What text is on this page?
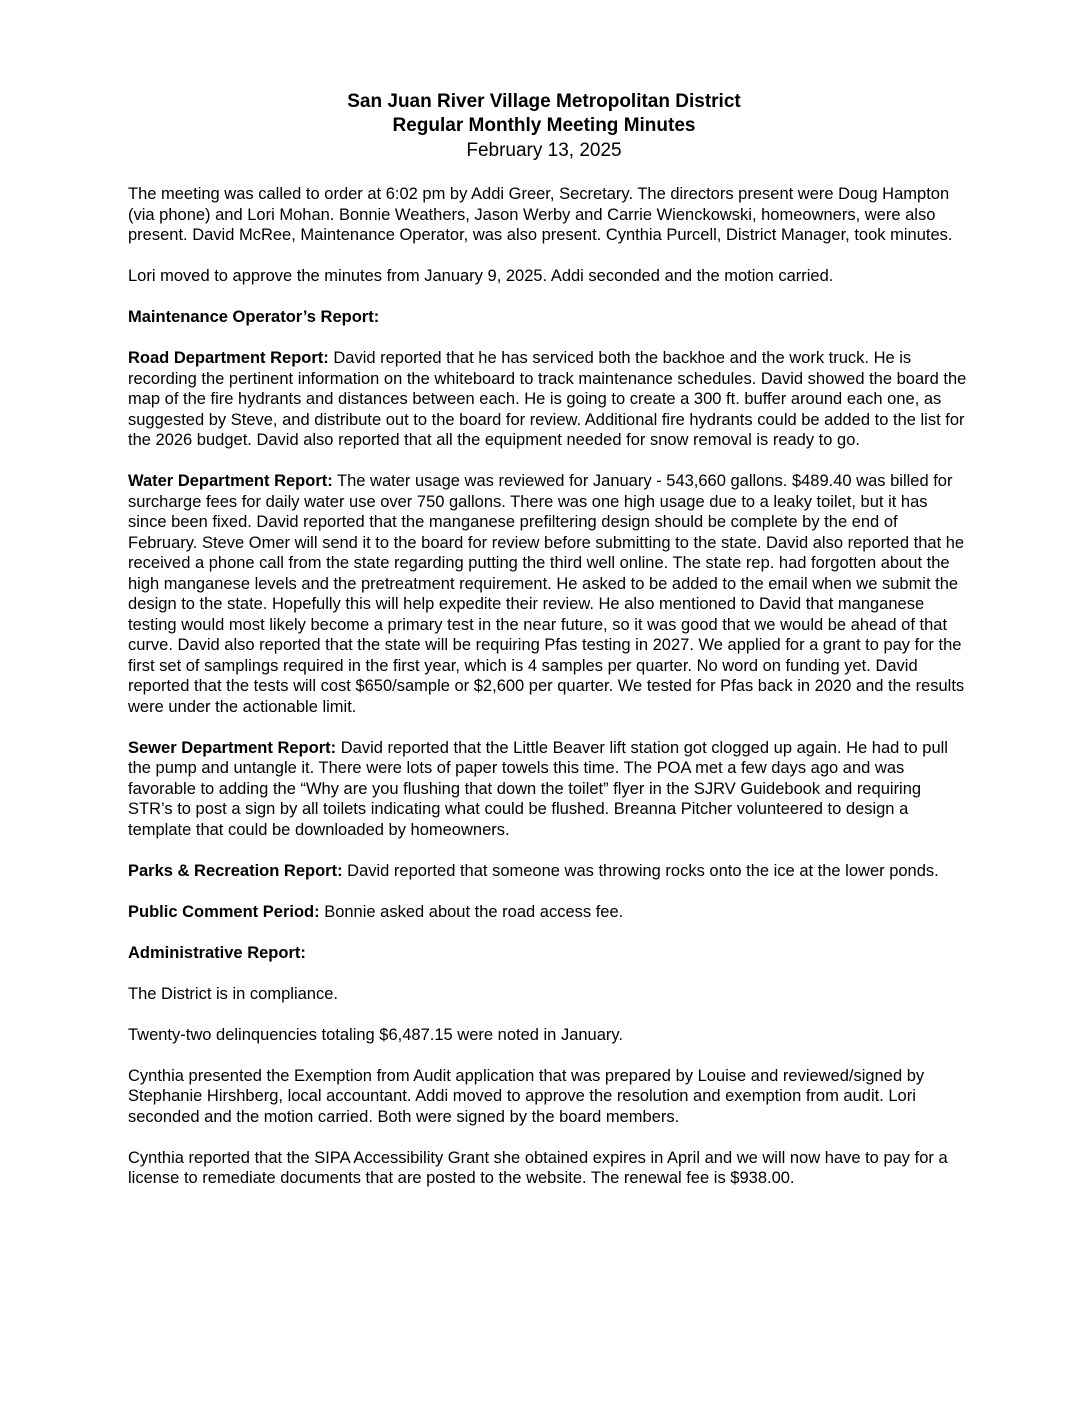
San Juan River Village Metropolitan District
Regular Monthly Meeting Minutes
February 13, 2025

The meeting was called to order at 6:02 pm by Addi Greer, Secretary. The directors present were Doug Hampton (via phone) and Lori Mohan. Bonnie Weathers, Jason Werby and Carrie Wienckowski, homeowners, were also present. David McRee, Maintenance Operator, was also present. Cynthia Purcell, District Manager, took minutes.

Lori moved to approve the minutes from January 9, 2025. Addi seconded and the motion carried.

Maintenance Operator’s Report:

Road Department Report: David reported that he has serviced both the backhoe and the work truck. He is recording the pertinent information on the whiteboard to track maintenance schedules. David showed the board the map of the fire hydrants and distances between each. He is going to create a 300 ft. buffer around each one, as suggested by Steve, and distribute out to the board for review. Additional fire hydrants could be added to the list for the 2026 budget. David also reported that all the equipment needed for snow removal is ready to go.

Water Department Report: The water usage was reviewed for January - 543,660 gallons. $489.40 was billed for surcharge fees for daily water use over 750 gallons. There was one high usage due to a leaky toilet, but it has since been fixed. David reported that the manganese prefiltering design should be complete by the end of February. Steve Omer will send it to the board for review before submitting to the state. David also reported that he received a phone call from the state regarding putting the third well online. The state rep. had forgotten about the high manganese levels and the pretreatment requirement. He asked to be added to the email when we submit the design to the state. Hopefully this will help expedite their review. He also mentioned to David that manganese testing would most likely become a primary test in the near future, so it was good that we would be ahead of that curve. David also reported that the state will be requiring Pfas testing in 2027. We applied for a grant to pay for the first set of samplings required in the first year, which is 4 samples per quarter. No word on funding yet. David reported that the tests will cost $650/sample or $2,600 per quarter. We tested for Pfas back in 2020 and the results were under the actionable limit.

Sewer Department Report: David reported that the Little Beaver lift station got clogged up again. He had to pull the pump and untangle it. There were lots of paper towels this time. The POA met a few days ago and was favorable to adding the “Why are you flushing that down the toilet” flyer in the SJRV Guidebook and requiring STR’s to post a sign by all toilets indicating what could be flushed. Breanna Pitcher volunteered to design a template that could be downloaded by homeowners.

Parks & Recreation Report: David reported that someone was throwing rocks onto the ice at the lower ponds.

Public Comment Period: Bonnie asked about the road access fee.

Administrative Report:

The District is in compliance.

Twenty-two delinquencies totaling $6,487.15 were noted in January.

Cynthia presented the Exemption from Audit application that was prepared by Louise and reviewed/signed by Stephanie Hirshberg, local accountant. Addi moved to approve the resolution and exemption from audit. Lori seconded and the motion carried. Both were signed by the board members.

Cynthia reported that the SIPA Accessibility Grant she obtained expires in April and we will now have to pay for a license to remediate documents that are posted to the website. The renewal fee is $938.00.
